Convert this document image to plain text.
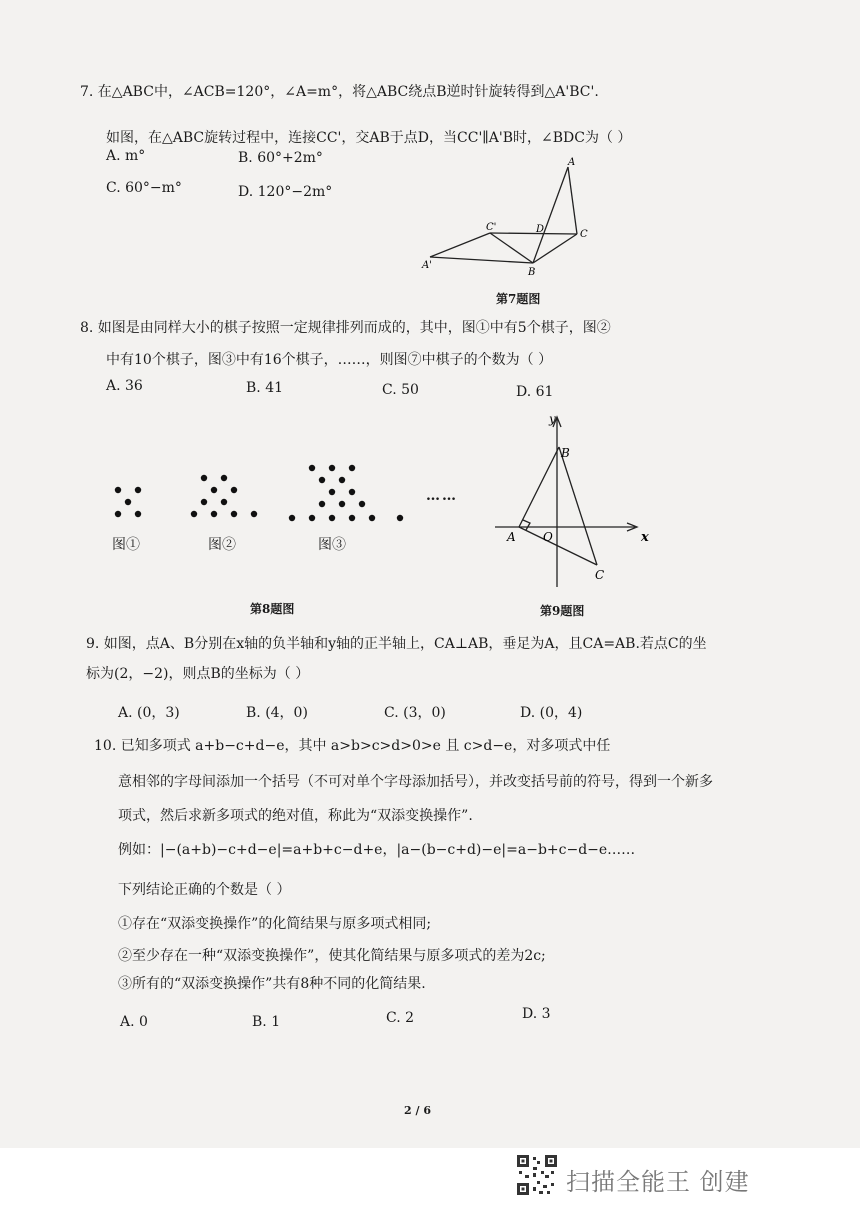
7. 在△ABC中，∠ACB=120°，∠A=m°，将△ABC绕点B逆时针旋转得到△A'BC'.
如图，在△ABC旋转过程中，连接CC'，交AB于点D，当CC'∥A'B时，∠BDC为（ ）
A. m°	B. 60°+2m°
C. 60°−m°	D. 120°−2m°
A
C
C'	D
A'
B
第7题图
8. 如图是由同样大小的棋子按照一定规律排列而成的，其中，图①中有5个棋子，图②
中有10个棋子，图③中有16个棋子，……，则图⑦中棋子的个数为（ ）
A. 36	B. 41	C. 50	D. 61
……
图①	图②	图③
第8题图
y
x
B
A O
C
第9题图
9. 如图，点A、B分别在x轴的负半轴和y轴的正半轴上，CA⊥AB，垂足为A，且CA=AB.若点C的坐
标为(2，−2)，则点B的坐标为（ ）
A. (0，3)	B. (4，0)	C. (3，0)	D. (0，4)
10. 已知多项式 a+b−c+d−e，其中 a>b>c>d>0>e 且 c>d−e，对多项式中任
意相邻的字母间添加一个括号（不可对单个字母添加括号），并改变括号前的符号，得到一个新多
项式，然后求新多项式的绝对值，称此为“双添变换操作”.
例如：|−(a+b)−c+d−e|=a+b+c−d+e，|a−(b−c+d)−e|=a−b+c−d−e……
下列结论正确的个数是（ ）
①存在“双添变换操作”的化简结果与原多项式相同;
②至少存在一种“双添变换操作”，使其化简结果与原多项式的差为2c;
③所有的“双添变换操作”共有8种不同的化简结果.
A. 0	B. 1	C. 2	D. 3
2 / 6
扫描全能王 创建
